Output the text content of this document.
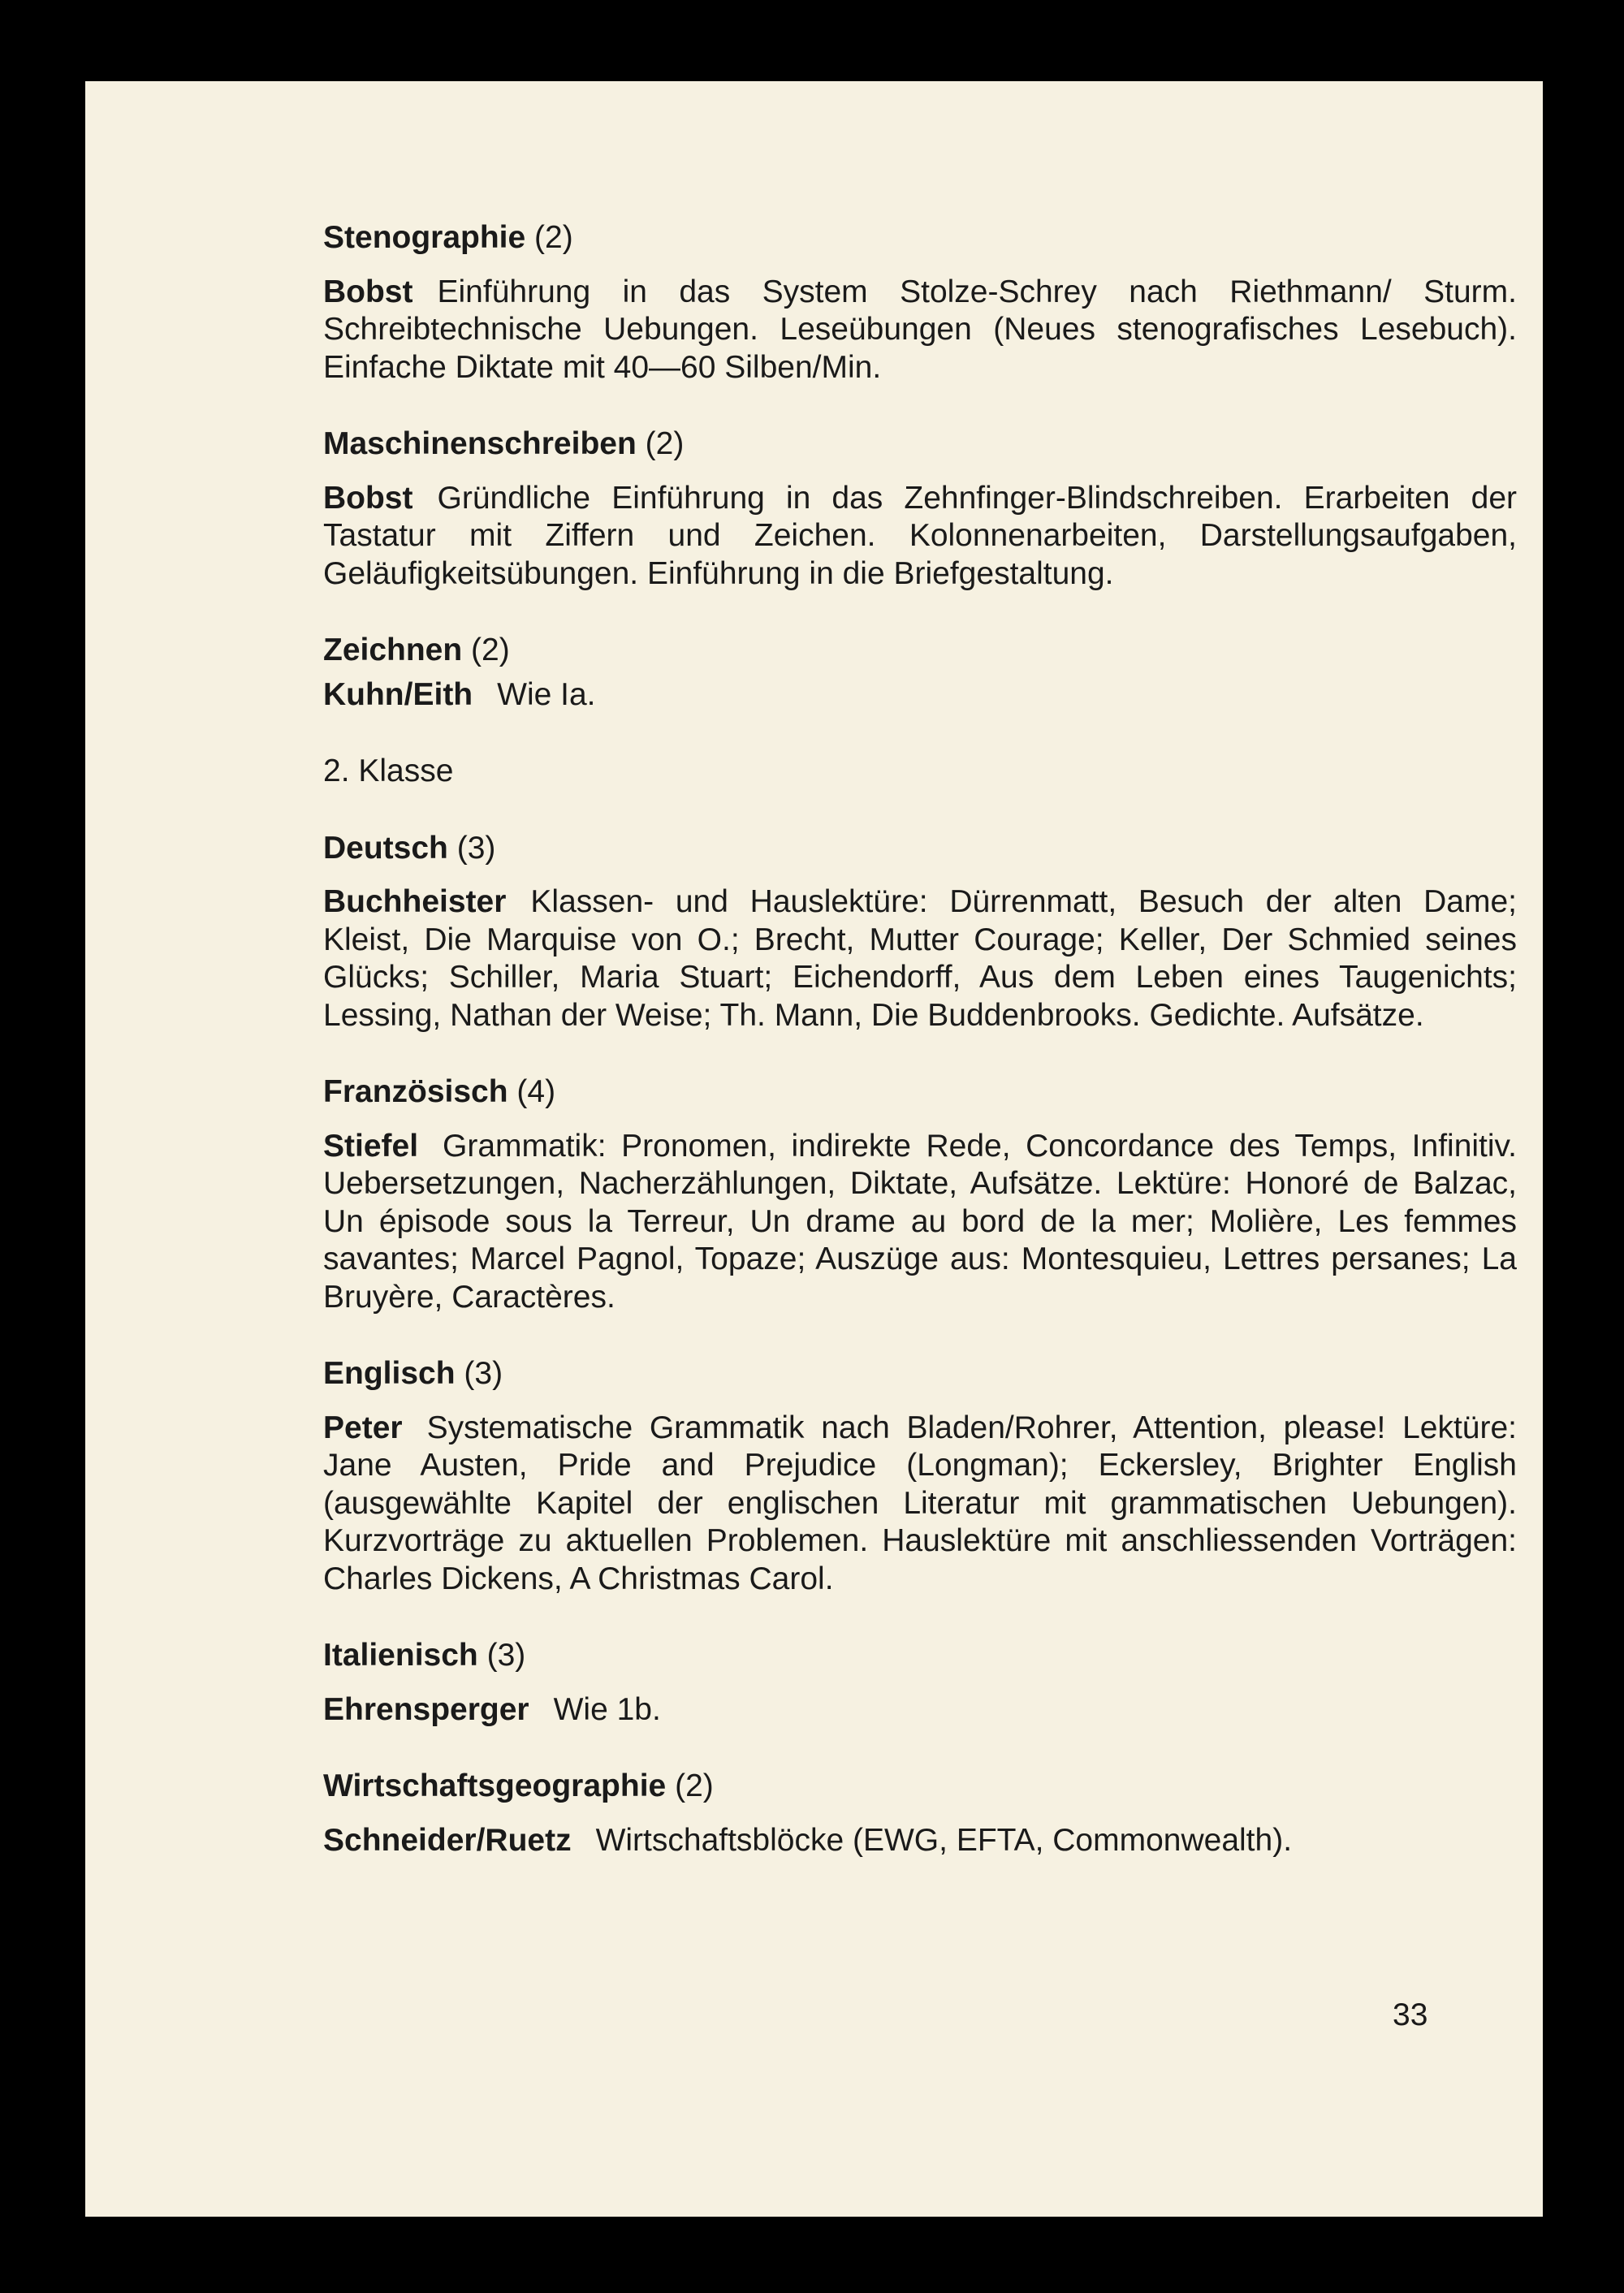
Stenographie (2)

Bobst Einführung in das System Stolze-Schrey nach Riethmann/ Sturm. Schreibtechnische Uebungen. Leseübungen (Neues stenografisches Lesebuch). Einfache Diktate mit 40—60 Silben/Min.

Maschinenschreiben (2)

Bobst Gründliche Einführung in das Zehnfinger-Blindschreiben. Erarbeiten der Tastatur mit Ziffern und Zeichen. Kolonnenarbeiten, Darstellungsaufgaben, Geläufigkeitsübungen. Einführung in die Briefgestaltung.

Zeichnen (2)

Kuhn/Eith Wie Ia.

2. Klasse

Deutsch (3)

Buchheister Klassen- und Hauslektüre: Dürrenmatt, Besuch der alten Dame; Kleist, Die Marquise von O.; Brecht, Mutter Courage; Keller, Der Schmied seines Glücks; Schiller, Maria Stuart; Eichendorff, Aus dem Leben eines Taugenichts; Lessing, Nathan der Weise; Th. Mann, Die Buddenbrooks. Gedichte. Aufsätze.

Französisch (4)

Stiefel Grammatik: Pronomen, indirekte Rede, Concordance des Temps, Infinitiv. Uebersetzungen, Nacherzählungen, Diktate, Aufsätze. Lektüre: Honoré de Balzac, Un épisode sous la Terreur, Un drame au bord de la mer; Molière, Les femmes savantes; Marcel Pagnol, Topaze; Auszüge aus: Montesquieu, Lettres persanes; La Bruyère, Caractères.

Englisch (3)

Peter Systematische Grammatik nach Bladen/Rohrer, Attention, please! Lektüre: Jane Austen, Pride and Prejudice (Longman); Eckersley, Brighter English (ausgewählte Kapitel der englischen Literatur mit grammatischen Uebungen). Kurzvorträge zu aktuellen Problemen. Hauslektüre mit anschliessenden Vorträgen: Charles Dickens, A Christmas Carol.

Italienisch (3)

Ehrensperger Wie 1b.

Wirtschaftsgeographie (2)

Schneider/Ruetz Wirtschaftsblöcke (EWG, EFTA, Commonwealth).

33
